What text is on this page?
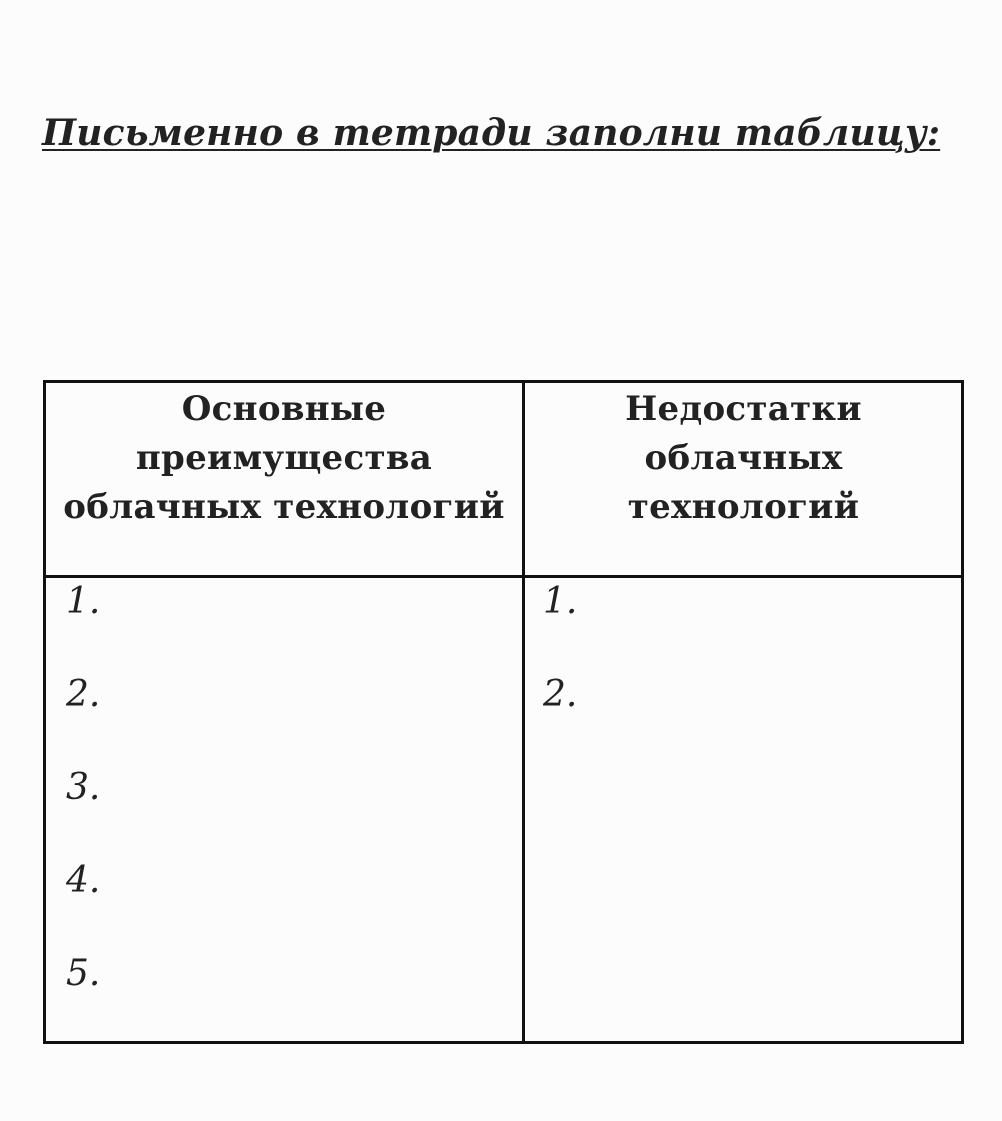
Письменно в тетради заполни таблицу:
Основные
преимущества
облачных технологий
Недостатки
облачных
технологий
1.
2.
3.
4.
5.
1.
2.
